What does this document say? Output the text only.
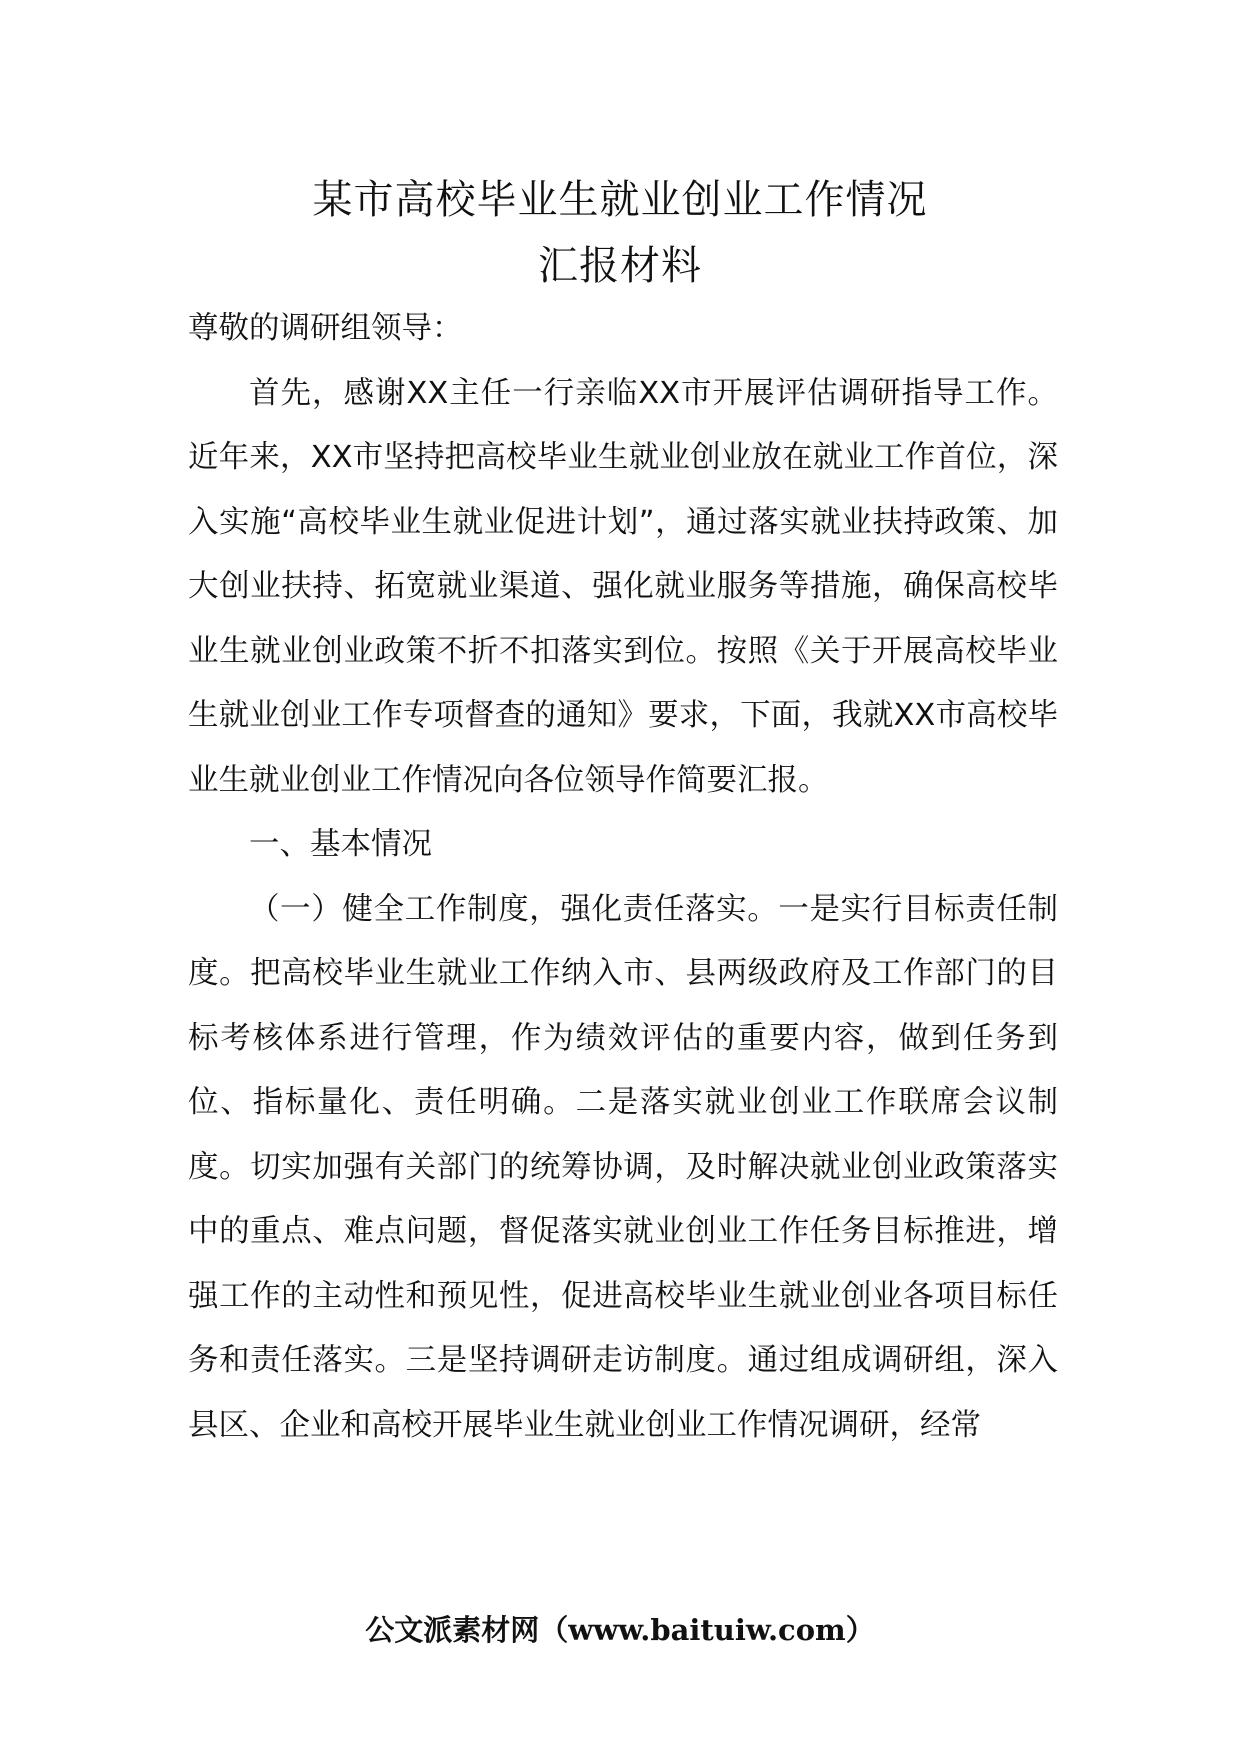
某市高校毕业生就业创业工作情况
汇报材料

尊敬的调研组领导：

首先，感谢XX主任一行亲临XX市开展评估调研指导工作。近年来，XX市坚持把高校毕业生就业创业放在就业工作首位，深入实施“高校毕业生就业促进计划”，通过落实就业扶持政策、加大创业扶持、拓宽就业渠道、强化就业服务等措施，确保高校毕业生就业创业政策不折不扣落实到位。按照《关于开展高校毕业生就业创业工作专项督查的通知》要求，下面，我就XX市高校毕业生就业创业工作情况向各位领导作简要汇报。

一、基本情况

（一）健全工作制度，强化责任落实。一是实行目标责任制度。把高校毕业生就业工作纳入市、县两级政府及工作部门的目标考核体系进行管理，作为绩效评估的重要内容，做到任务到位、指标量化、责任明确。二是落实就业创业工作联席会议制度。切实加强有关部门的统筹协调，及时解决就业创业政策落实中的重点、难点问题，督促落实就业创业工作任务目标推进，增强工作的主动性和预见性，促进高校毕业生就业创业各项目标任务和责任落实。三是坚持调研走访制度。通过组成调研组，深入县区、企业和高校开展毕业生就业创业工作情况调研，经常

公文派素材网（www.baituiw.com）
